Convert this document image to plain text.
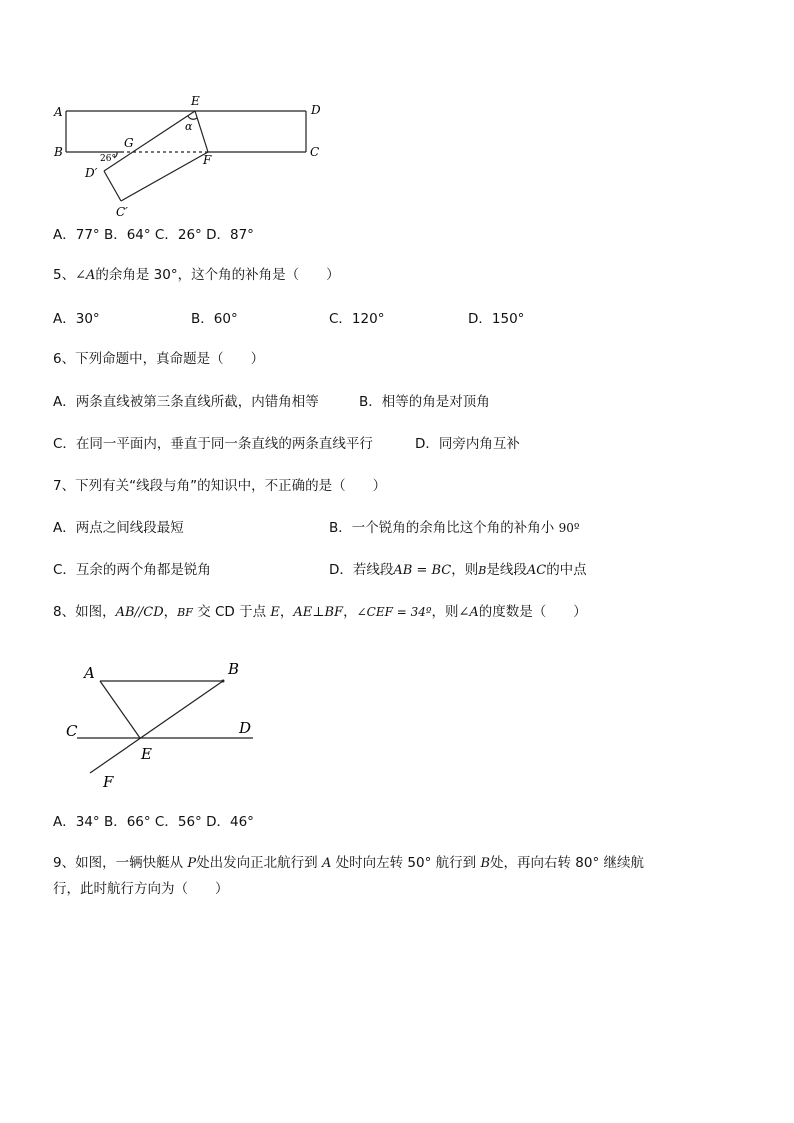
A
E
D
B
G
F
C
D′
C′
α
26°
A．77° B．64° C．26° D．87°
5、∠A的余角是 30°，这个角的补角是（　　）
A．30°	B．60°	C．120°	D．150°
6、下列命题中，真命题是（　　）
A．两条直线被第三条直线所截，内错角相等	B．相等的角是对顶角
C．在同一平面内，垂直于同一条直线的两条直线平行	D．同旁内角互补
7、下列有关“线段与角”的知识中，不正确的是（　　）
A．两点之间线段最短	B．一个锐角的余角比这个角的补角小 90º
C．互余的两个角都是锐角	D．若线段AB = BC，则B是线段AC的中点
8、如图，AB//CD，BF 交 CD 于点 E，AE⊥BF，∠CEF = 34º，则∠A的度数是（　　）
A	B
C	D
E
F
A．34° B．66° C．56° D．46°
9、如图，一辆快艇从 P处出发向正北航行到 A 处时向左转 50° 航行到 B处，再向右转 80° 继续航
行，此时航行方向为（　　）
